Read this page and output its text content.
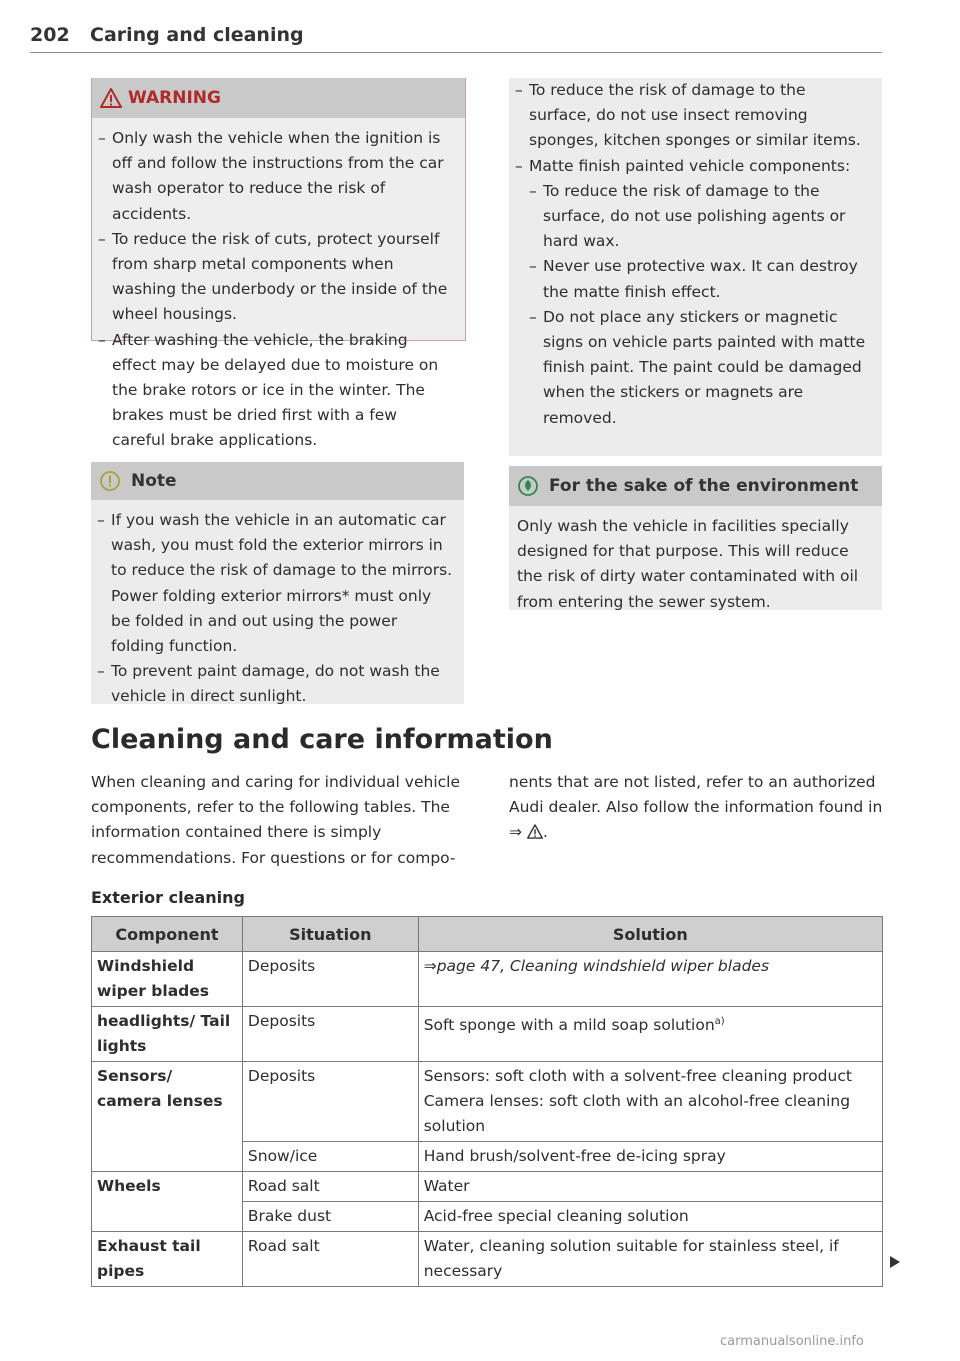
202 Caring and cleaning
WARNING
– Only wash the vehicle when the ignition is off and follow the instructions from the car wash operator to reduce the risk of accidents.
– To reduce the risk of cuts, protect yourself from sharp metal components when washing the underbody or the inside of the wheel housings.
– After washing the vehicle, the braking effect may be delayed due to moisture on the brake rotors or ice in the winter. The brakes must be dried first with a few careful brake applications.
Note
– If you wash the vehicle in an automatic car wash, you must fold the exterior mirrors in to reduce the risk of damage to the mirrors. Power folding exterior mirrors* must only be folded in and out using the power folding function.
– To prevent paint damage, do not wash the vehicle in direct sunlight.
– To reduce the risk of damage to the surface, do not use insect removing sponges, kitchen sponges or similar items.
– Matte finish painted vehicle components:
– To reduce the risk of damage to the surface, do not use polishing agents or hard wax.
– Never use protective wax. It can destroy the matte finish effect.
– Do not place any stickers or magnetic signs on vehicle parts painted with matte finish paint. The paint could be damaged when the stickers or magnets are removed.
For the sake of the environment
Only wash the vehicle in facilities specially designed for that purpose. This will reduce the risk of dirty water contaminated with oil from entering the sewer system.
Cleaning and care information
When cleaning and caring for individual vehicle components, refer to the following tables. The information contained there is simply recommendations. For questions or for compo-
nents that are not listed, refer to an authorized Audi dealer. Also follow the information found in ⇒ .
Exterior cleaning
Component	Situation	Solution
Windshield wiper blades	Deposits	⇒page 47, Cleaning windshield wiper blades
headlights/ Tail lights	Deposits	Soft sponge with a mild soap solution$^{a)}$
Sensors/ camera lenses	Deposits	Sensors: soft cloth with a solvent-free cleaning product
Camera lenses: soft cloth with an alcohol-free cleaning solution

	Snow/ice	Hand brush/solvent-free de-icing spray
Wheels	Road salt	Water
	Brake dust	Acid-free special cleaning solution
Exhaust tail pipes	Road salt	Water, cleaning solution suitable for stainless steel, if necessary
carmanualsonline.info
